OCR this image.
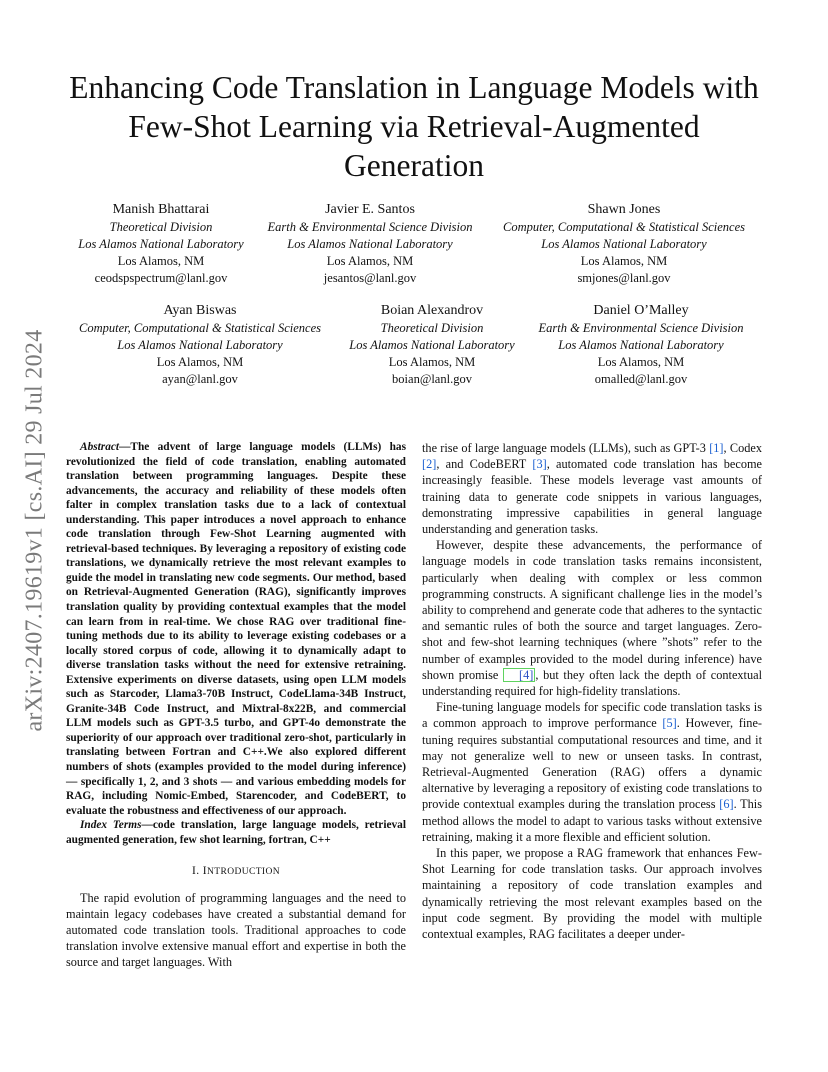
arXiv:2407.19619v1 [cs.AI] 29 Jul 2024
Enhancing Code Translation in Language Models with Few-Shot Learning via Retrieval-Augmented Generation
Manish Bhattarai
Theoretical Division
Los Alamos National Laboratory
Los Alamos, NM
ceodspspectrum@lanl.gov
Javier E. Santos
Earth & Environmental Science Division
Los Alamos National Laboratory
Los Alamos, NM
jesantos@lanl.gov
Shawn Jones
Computer, Computational & Statistical Sciences
Los Alamos National Laboratory
Los Alamos, NM
smjones@lanl.gov
Ayan Biswas
Computer, Computational & Statistical Sciences
Los Alamos National Laboratory
Los Alamos, NM
ayan@lanl.gov
Boian Alexandrov
Theoretical Division
Los Alamos National Laboratory
Los Alamos, NM
boian@lanl.gov
Daniel O’Malley
Earth & Environmental Science Division
Los Alamos National Laboratory
Los Alamos, NM
omalled@lanl.gov

Abstract—The advent of large language models (LLMs) has revolutionized the field of code translation, enabling automated translation between programming languages. Despite these advancements, the accuracy and reliability of these models often falter in complex translation tasks due to a lack of contextual understanding. This paper introduces a novel approach to enhance code translation through Few-Shot Learning augmented with retrieval-based techniques. By leveraging a repository of existing code translations, we dynamically retrieve the most relevant examples to guide the model in translating new code segments. Our method, based on Retrieval-Augmented Generation (RAG), significantly improves translation quality by providing contextual examples that the model can learn from in real-time. We chose RAG over traditional fine-tuning methods due to its ability to leverage existing codebases or a locally stored corpus of code, allowing it to dynamically adapt to diverse translation tasks without the need for extensive retraining. Extensive experiments on diverse datasets, using open LLM models such as Starcoder, Llama3-70B Instruct, CodeLlama-34B Instruct, Granite-34B Code Instruct, and Mixtral-8x22B, and commercial LLM models such as GPT-3.5 turbo, and GPT-4o demonstrate the superiority of our approach over traditional zero-shot, particularly in translating between Fortran and C++.We also explored different numbers of shots (examples provided to the model during inference) — specifically 1, 2, and 3 shots — and various embedding models for RAG, including Nomic-Embed, Starencoder, and CodeBERT, to evaluate the robustness and effectiveness of our approach.

Index Terms—code translation, large language models, retrieval augmented generation, few shot learning, fortran, C++

I. INTRODUCTION

The rapid evolution of programming languages and the need to maintain legacy codebases have created a substantial demand for automated code translation tools. Traditional approaches to code translation involve extensive manual effort and expertise in both the source and target languages. With

the rise of large language models (LLMs), such as GPT-3 [1], Codex [2], and CodeBERT [3], automated code translation has become increasingly feasible. These models leverage vast amounts of training data to generate code snippets in various languages, demonstrating impressive capabilities in general language understanding and generation tasks.

However, despite these advancements, the performance of language models in code translation tasks remains inconsistent, particularly when dealing with complex or less common programming constructs. A significant challenge lies in the model’s ability to comprehend and generate code that adheres to the syntactic and semantic rules of both the source and target languages. Zero-shot and few-shot learning techniques (where ”shots” refer to the number of examples provided to the model during inference) have shown promise [4] , but they often lack the depth of contextual understanding required for high-fidelity translations.

Fine-tuning language models for specific code translation tasks is a common approach to improve performance [5]. However, fine-tuning requires substantial computational resources and time, and it may not generalize well to new or unseen tasks. In contrast, Retrieval-Augmented Generation (RAG) offers a dynamic alternative by leveraging a repository of existing code translations to provide contextual examples during the translation process [6]. This method allows the model to adapt to various tasks without extensive retraining, making it a more flexible and efficient solution.

In this paper, we propose a RAG framework that enhances Few-Shot Learning for code translation tasks. Our approach involves maintaining a repository of code translation examples and dynamically retrieving the most relevant examples based on the input code segment. By providing the model with multiple contextual examples, RAG facilitates a deeper under-
